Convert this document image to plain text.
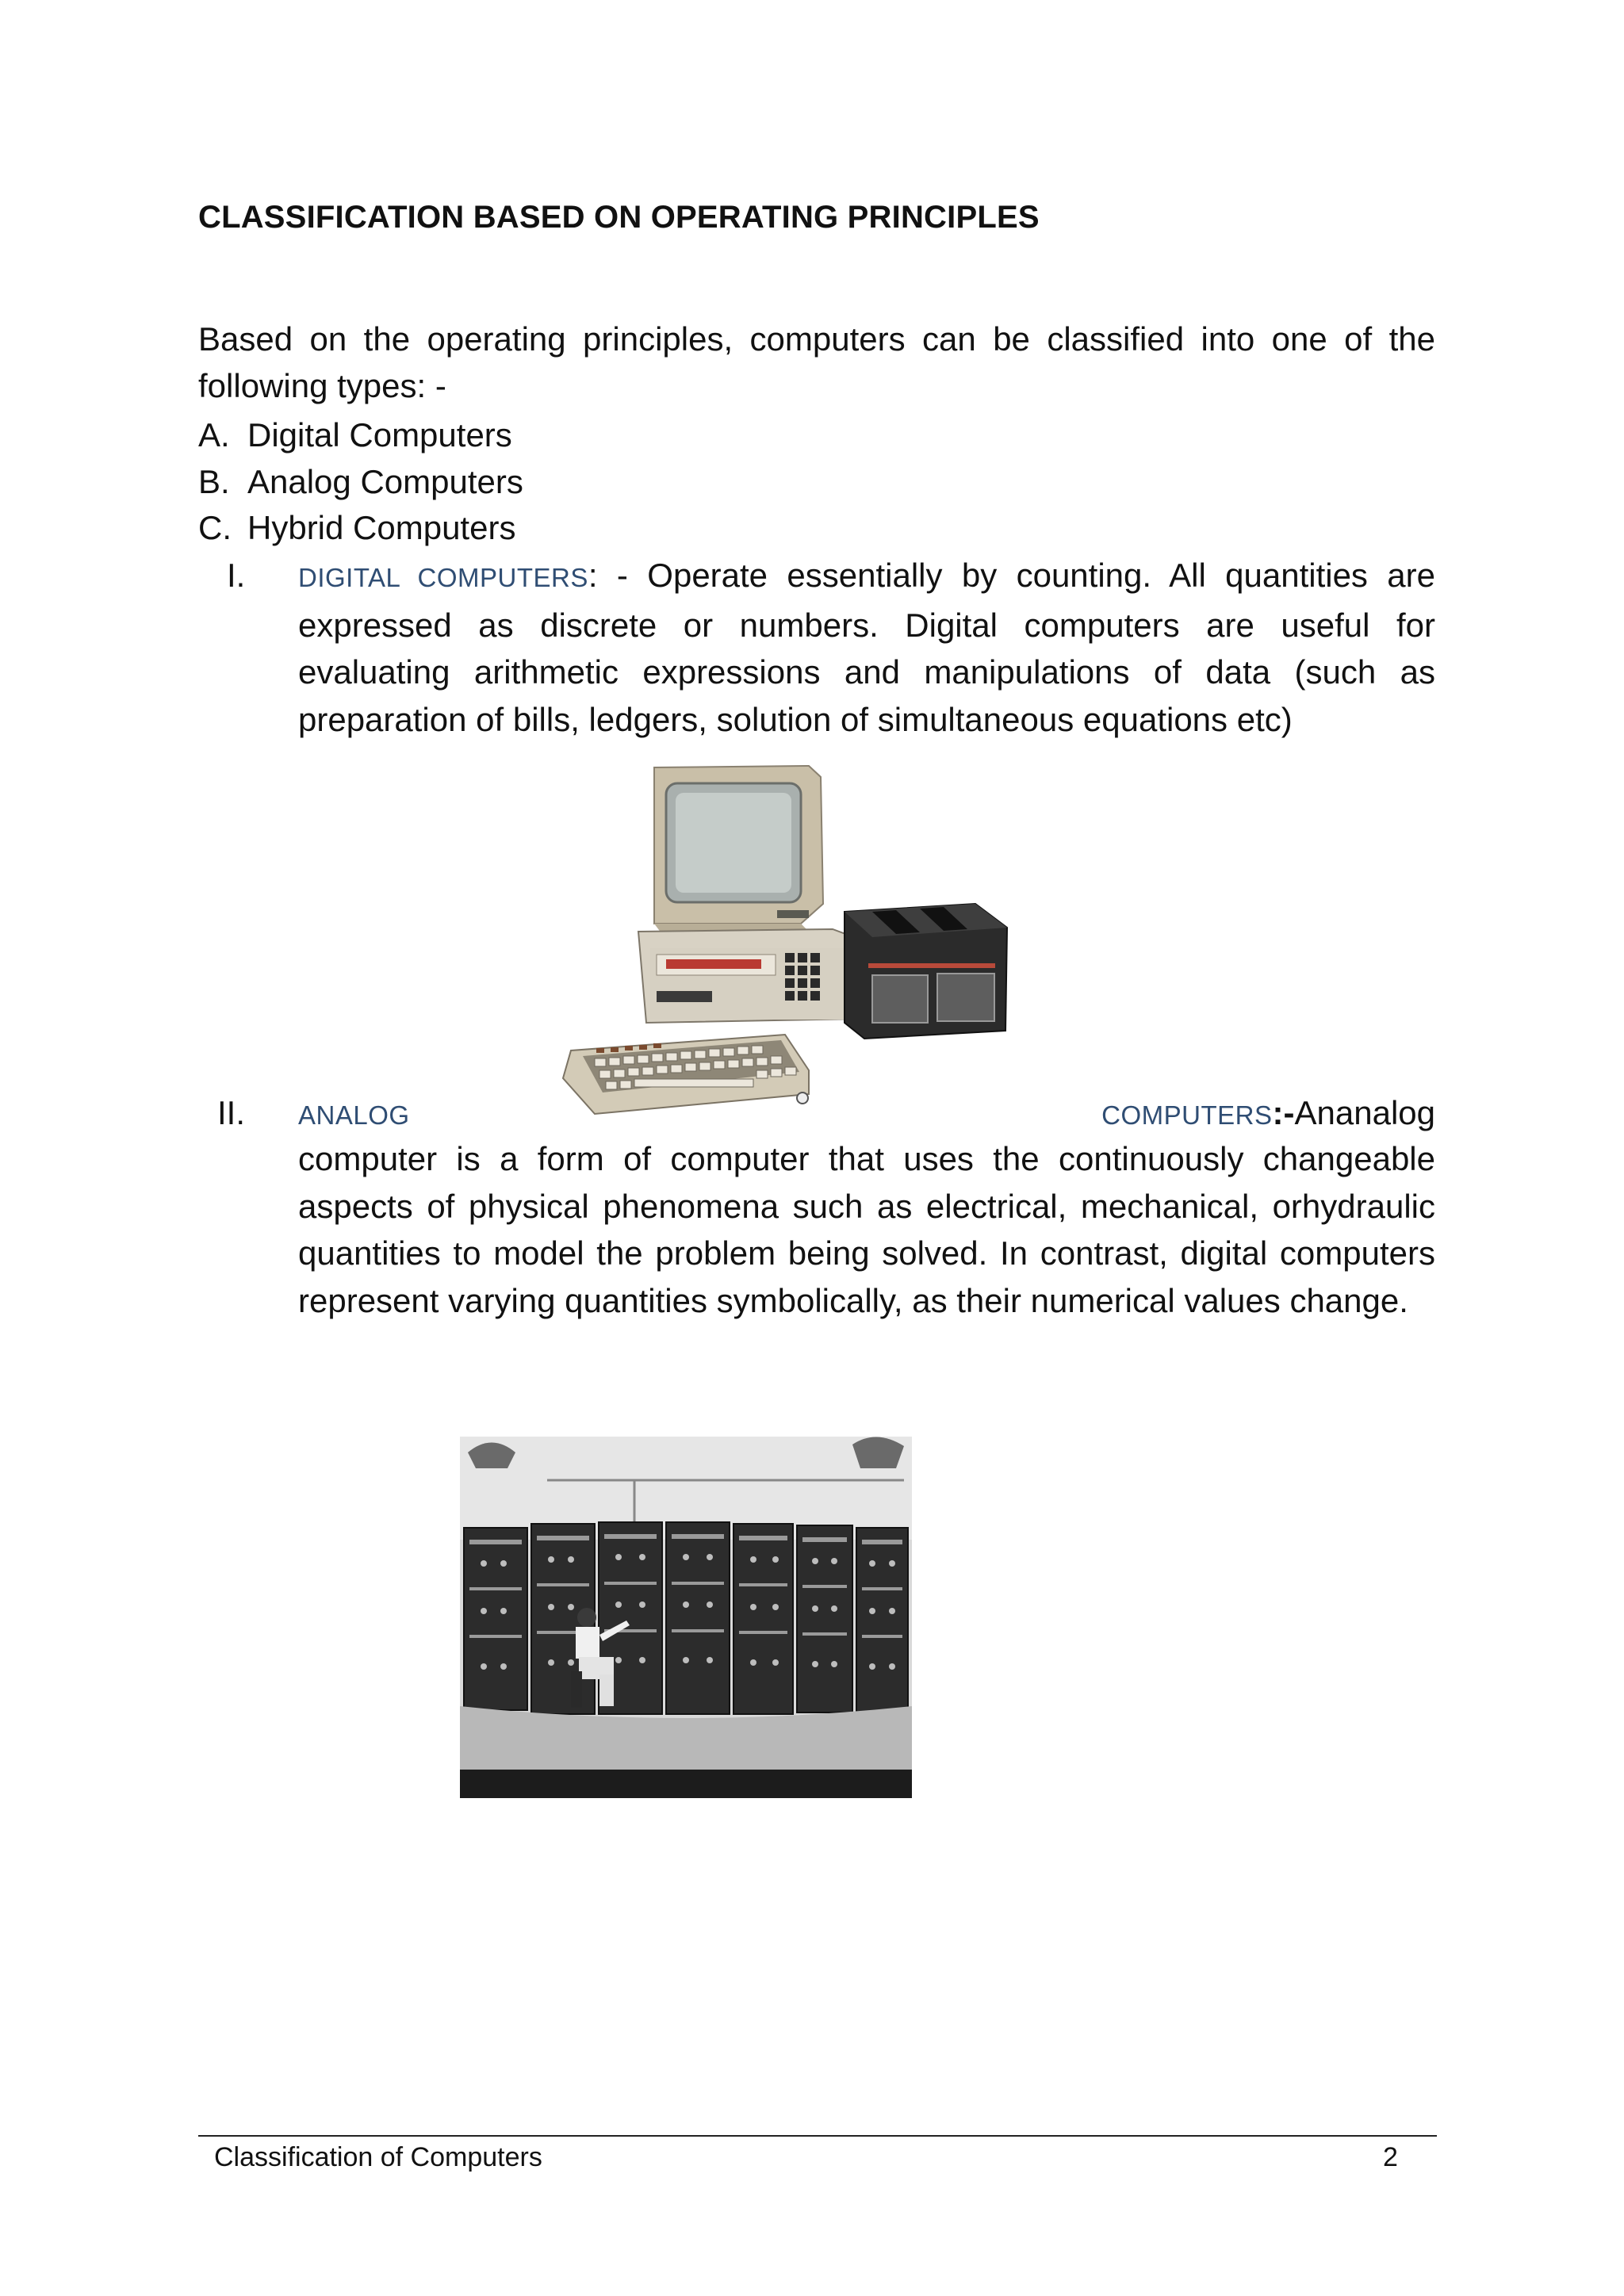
CLASSIFICATION BASED ON OPERATING PRINCIPLES
Based on the operating principles, computers can be classified into one of the following types: -
A. Digital Computers
B. Analog Computers
C. Hybrid Computers
I. DIGITAL COMPUTERS: - Operate essentially by counting. All quantities are expressed as discrete or numbers. Digital computers are useful for evaluating arithmetic expressions and manipulations of data (such as preparation of bills, ledgers, solution of simultaneous equations etc)
II. ANALOG	COMPUTERS:-Ananalog
computer is a form of computer that uses the continuously changeable aspects of physical phenomena such as electrical, mechanical, orhydraulic quantities to model the problem being solved. In contrast, digital computers represent varying quantities symbolically, as their numerical values change.
Classification of Computers	2
